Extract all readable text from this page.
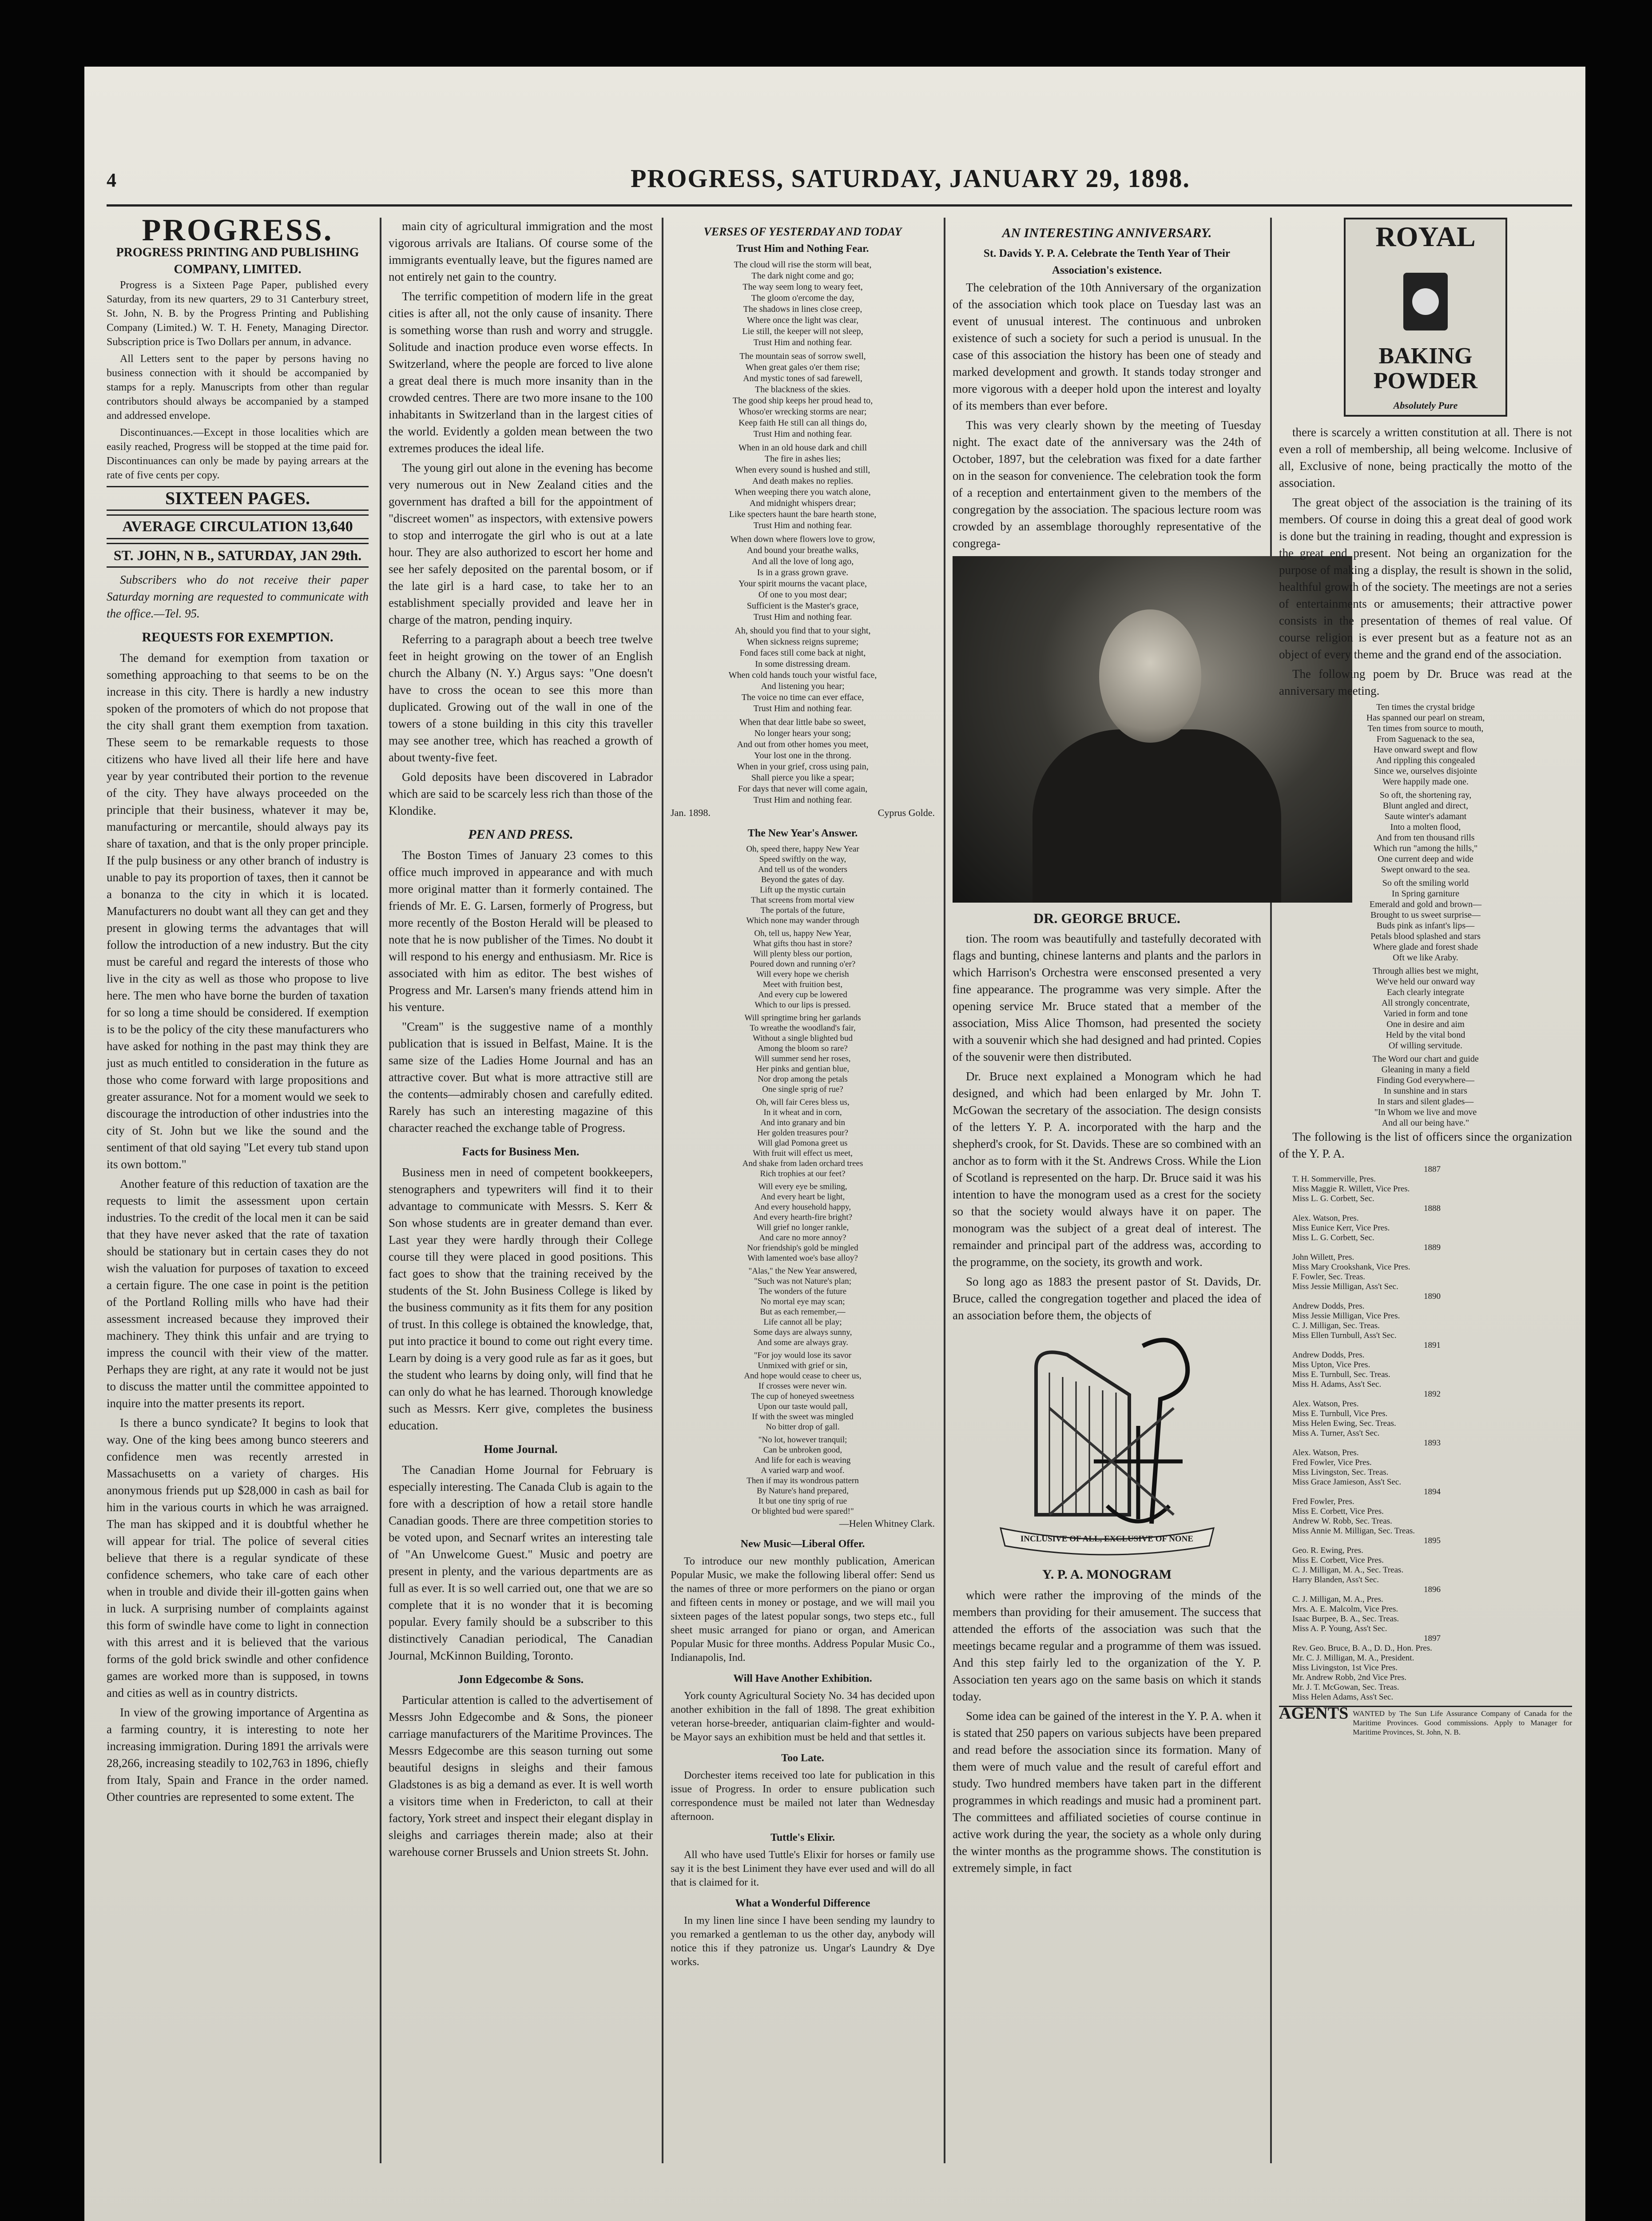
4	PROGRESS, SATURDAY, JANUARY 29, 1898.
PROGRESS.
PROGRESS PRINTING AND PUBLISHING COMPANY, LIMITED.

Progress is a Sixteen Page Paper, published every Saturday, from its new quarters, 29 to 31 Canterbury street, St. John, N. B. by the Progress Printing and Publishing Company (Limited.) W. T. H. Fenety, Managing Director. Subscription price is Two Dollars per annum, in advance.

All Letters sent to the paper by persons having no business connection with it should be accompanied by stamps for a reply. Manuscripts from other than regular contributors should always be accompanied by a stamped and addressed envelope.

Discontinuances.—Except in those localities which are easily reached, Progress will be stopped at the time paid for. Discontinuances can only be made by paying arrears at the rate of five cents per copy.

SIXTEEN PAGES.
AVERAGE CIRCULATION 13,640
ST. JOHN, N B., SATURDAY, JAN 29th.

Subscribers who do not receive their paper Saturday morning are requested to communicate with the office.—Tel. 95.

REQUESTS FOR EXEMPTION.

The demand for exemption from taxation or something approaching to that seems to be on the increase in this city. There is hardly a new industry spoken of the promoters of which do not propose that the city shall grant them exemption from taxation. These seem to be remarkable requests to those citizens who have lived all their life here and have year by year contributed their portion to the revenue of the city. They have always proceeded on the principle that their business, whatever it may be, manufacturing or mercantile, should always pay its share of taxation, and that is the only proper principle. If the pulp business or any other branch of industry is unable to pay its proportion of taxes, then it cannot be a bonanza to the city in which it is located. Manufacturers no doubt want all they can get and they present in glowing terms the advantages that will follow the introduction of a new industry. But the city must be careful and regard the interests of those who live in the city as well as those who propose to live here. The men who have borne the burden of taxation for so long a time should be considered. If exemption is to be the policy of the city these manufacturers who have asked for nothing in the past may think they are just as much entitled to consideration in the future as those who come forward with large propositions and greater assurance. Not for a moment would we seek to discourage the introduction of other industries into the city of St. John but we like the sound and the sentiment of that old saying "Let every tub stand upon its own bottom."

Another feature of this reduction of taxation are the requests to limit the assessment upon certain industries. To the credit of the local men it can be said that they have never asked that the rate of taxation should be stationary but in certain cases they do not wish the valuation for purposes of taxation to exceed a certain figure. The one case in point is the petition of the Portland Rolling mills who have had their assessment increased because they improved their machinery. They think this unfair and are trying to impress the council with their view of the matter. Perhaps they are right, at any rate it would not be just to discuss the matter until the committee appointed to inquire into the matter presents its report.

Is there a bunco syndicate? It begins to look that way. One of the king bees among bunco steerers and confidence men was recently arrested in Massachusetts on a variety of charges. His anonymous friends put up $28,000 in cash as bail for him in the various courts in which he was arraigned. The man has skipped and it is doubtful whether he will appear for trial. The police of several cities believe that there is a regular syndicate of these confidence schemers, who take care of each other when in trouble and divide their ill-gotten gains when in luck. A surprising number of complaints against this form of swindle have come to light in connection with this arrest and it is believed that the various forms of the gold brick swindle and other confidence games are worked more than is supposed, in towns and cities as well as in country districts.

In view of the growing importance of Argentina as a farming country, it is interesting to note her increasing immigration. During 1891 the arrivals were 28,266, increasing steadily to 102,763 in 1896, chiefly from Italy, Spain and France in the order named. Other countries are represented to some extent. The

main city of agricultural immigration and the most vigorous arrivals are Italians. Of course some of the immigrants eventually leave, but the figures named are not entirely net gain to the country.

The terrific competition of modern life in the great cities is after all, not the only cause of insanity. There is something worse than rush and worry and struggle. Solitude and inaction produce even worse effects. In Switzerland, where the people are forced to live alone a great deal there is much more insanity than in the crowded centres. There are two more insane to the 100 inhabitants in Switzerland than in the largest cities of the world. Evidently a golden mean between the two extremes produces the ideal life.

The young girl out alone in the evening has become very numerous out in New Zealand cities and the government has drafted a bill for the appointment of "discreet women" as inspectors, with extensive powers to stop and interrogate the girl who is out at a late hour. They are also authorized to escort her home and see her safely deposited on the parental bosom, or if the late girl is a hard case, to take her to an establishment specially provided and leave her in charge of the matron, pending inquiry.

Referring to a paragraph about a beech tree twelve feet in height growing on the tower of an English church the Albany (N. Y.) Argus says: "One doesn't have to cross the ocean to see this more than duplicated. Growing out of the wall in one of the towers of a stone building in this city this traveller may see another tree, which has reached a growth of about twenty-five feet.

Gold deposits have been discovered in Labrador which are said to be scarcely less rich than those of the Klondike.

PEN AND PRESS.

The Boston Times of January 23 comes to this office much improved in appearance and with much more original matter than it formerly contained. The friends of Mr. E. G. Larsen, formerly of Progress, but more recently of the Boston Herald will be pleased to note that he is now publisher of the Times. No doubt it will respond to his energy and enthusiasm. Mr. Rice is associated with him as editor. The best wishes of Progress and Mr. Larsen's many friends attend him in his venture.

"Cream" is the suggestive name of a monthly publication that is issued in Belfast, Maine. It is the same size of the Ladies Home Journal and has an attractive cover. But what is more attractive still are the contents—admirably chosen and carefully edited. Rarely has such an interesting magazine of this character reached the exchange table of Progress.

Facts for Business Men.

Business men in need of competent bookkeepers, stenographers and typewriters will find it to their advantage to communicate with Messrs. S. Kerr & Son whose students are in greater demand than ever. Last year they were hardly through their College course till they were placed in good positions. This fact goes to show that the training received by the students of the St. John Business College is liked by the business community as it fits them for any position of trust. In this college is obtained the knowledge, that, put into practice it bound to come out right every time. Learn by doing is a very good rule as far as it goes, but the student who learns by doing only, will find that he can only do what he has learned. Thorough knowledge such as Messrs. Kerr give, completes the business education.

Home Journal.

The Canadian Home Journal for February is especially interesting. The Canada Club is again to the fore with a description of how a retail store handle Canadian goods. There are three competition stories to be voted upon, and Secnarf writes an interesting tale of "An Unwelcome Guest." Music and poetry are present in plenty, and the various departments are as full as ever. It is so well carried out, one that we are so complete that it is no wonder that it is becoming popular. Every family should be a subscriber to this distinctively Canadian periodical, The Canadian Journal, McKinnon Building, Toronto.

Jonn Edgecombe & Sons.

Particular attention is called to the advertisement of Messrs John Edgecombe and & Sons, the pioneer carriage manufacturers of the Maritime Provinces. The Messrs Edgecombe are this season turning out some beautiful designs in sleighs and their famous Gladstones is as big a demand as ever. It is well worth a visitors time when in Fredericton, to call at their factory, York street and inspect their elegant display in sleighs and carriages therein made; also at their warehouse corner Brussels and Union streets St. John.

VERSES OF YESTERDAY AND TODAY
Trust Him and Nothing Fear.
The cloud will rise the storm will beat,
The dark night come and go;
The way seem long to weary feet,
The gloom o'ercome the day,
The shadows in lines close creep,
Where once the light was clear,
Lie still, the keeper will not sleep,
Trust Him and nothing fear.

The mountain seas of sorrow swell,
When great gales o'er them rise;
And mystic tones of sad farewell,
The blackness of the skies.
The good ship keeps her proud head to,
Whoso'er wrecking storms are near;
Keep faith He still can all things do,
Trust Him and nothing fear.

When in an old house dark and chill
The fire in ashes lies;
When every sound is hushed and still,
And death makes no replies.
When weeping there you watch alone,
And midnight whispers drear;
Like specters haunt the bare hearth stone,
Trust Him and nothing fear.

When down where flowers love to grow,
And bound your breathe walks,
And all the love of long ago,
Is in a grass grown grave.
Your spirit mourns the vacant place,
Of one to you most dear;
Sufficient is the Master's grace,
Trust Him and nothing fear.

Ah, should you find that to your sight,
When sickness reigns supreme;
Fond faces still come back at night,
In some distressing dream.
When cold hands touch your wistful face,
And listening you hear;
The voice no time can ever efface,
Trust Him and nothing fear.

When that dear little babe so sweet,
No longer hears your song;
And out from other homes you meet,
Your lost one in the throng.
When in your grief, cross using pain,
Shall pierce you like a spear;
For days that never will come again,
Trust Him and nothing fear.
Jan. 1898.	Cyprus Golde.
The New Year's Answer.
Oh, speed there, happy New Year
Speed swiftly on the way,
And tell us of the wonders
Beyond the gates of day.
Lift up the mystic curtain
That screens from mortal view
The portals of the future,
Which none may wander through

Oh, tell us, happy New Year,
What gifts thou hast in store?
Will plenty bless our portion,
Poured down and running o'er?
Will every hope we cherish
Meet with fruition best,
And every cup be lowered
Which to our lips is pressed.

Will springtime bring her garlands
To wreathe the woodland's fair,
Without a single blighted bud
Among the bloom so rare?
Will summer send her roses,
Her pinks and gentian blue,
Nor drop among the petals
One single sprig of rue?

Oh, will fair Ceres bless us,
In it wheat and in corn,
And into granary and bin
Her golden treasures pour?
Will glad Pomona greet us
With fruit will effect us meet,
And shake from laden orchard trees
Rich trophies at our feet?

Will every eye be smiling,
And every heart be light,
And every household happy,
And every hearth-fire bright?
Will grief no longer rankle,
And care no more annoy?
Nor friendship's gold be mingled
With lamented woe's base alloy?

"Alas," the New Year answered,
"Such was not Nature's plan;
The wonders of the future
No mortal eye may scan;
But as each remember,—
Life cannot all be play;
Some days are always sunny,
And some are always gray.

"For joy would lose its savor
Unmixed with grief or sin,
And hope would cease to cheer us,
If crosses were never win.
The cup of honeyed sweetness
Upon our taste would pall,
If with the sweet was mingled
No bitter drop of gall.

"No lot, however tranquil;
Can be unbroken good,
And life for each is weaving
A varied warp and woof.
Then if may its wondrous pattern
By Nature's hand prepared,
It but one tiny sprig of rue
Or blighted bud were spared!"
—Helen Whitney Clark.
New Music—Liberal Offer.

To introduce our new monthly publication, American Popular Music, we make the following liberal offer: Send us the names of three or more performers on the piano or organ and fifteen cents in money or postage, and we will mail you sixteen pages of the latest popular songs, two steps etc., full sheet music arranged for piano or organ, and American Popular Music for three months. Address Popular Music Co., Indianapolis, Ind.

Will Have Another Exhibition.

York county Agricultural Society No. 34 has decided upon another exhibition in the fall of 1898. The great exhibition veteran horse-breeder, antiquarian claim-fighter and would-be Mayor says an exhibition must be held and that settles it.

Too Late.

Dorchester items received too late for publication in this issue of Progress. In order to ensure publication such correspondence must be mailed not later than Wednesday afternoon.

Tuttle's Elixir.

All who have used Tuttle's Elixir for horses or family use say it is the best Liniment they have ever used and will do all that is claimed for it.

What a Wonderful Difference

In my linen line since I have been sending my laundry to you remarked a gentleman to us the other day, anybody will notice this if they patronize us. Ungar's Laundry & Dye works.

AN INTERESTING ANNIVERSARY.
St. Davids Y. P. A. Celebrate the Tenth Year of Their Association's existence.

The celebration of the 10th Anniversary of the organization of the association which took place on Tuesday last was an event of unusual interest. The continuous and unbroken existence of such a society for such a period is unusual. In the case of this association the history has been one of steady and marked development and growth. It stands today stronger and more vigorous with a deeper hold upon the interest and loyalty of its members than ever before.

This was very clearly shown by the meeting of Tuesday night. The exact date of the anniversary was the 24th of October, 1897, but the celebration was fixed for a date farther on in the season for convenience. The celebration took the form of a reception and entertainment given to the members of the congregation by the association. The spacious lecture room was crowded by an assemblage thoroughly representative of the congrega-

DR. GEORGE BRUCE.

tion. The room was beautifully and tastefully decorated with flags and bunting, chinese lanterns and plants and the parlors in which Harrison's Orchestra were ensconsed presented a very fine appearance. The programme was very simple. After the opening service Mr. Bruce stated that a member of the association, Miss Alice Thomson, had presented the society with a souvenir which she had designed and had printed. Copies of the souvenir were then distributed.

Dr. Bruce next explained a Monogram which he had designed, and which had been enlarged by Mr. John T. McGowan the secretary of the association. The design consists of the letters Y. P. A. incorporated with the harp and the shepherd's crook, for St. Davids. These are so combined with an anchor as to form with it the St. Andrews Cross. While the Lion of Scotland is represented on the harp. Dr. Bruce said it was his intention to have the monogram used as a crest for the society so that the society would always have it on paper. The monogram was the subject of a great deal of interest. The remainder and principal part of the address was, according to the programme, on the society, its growth and work.

So long ago as 1883 the present pastor of St. Davids, Dr. Bruce, called the congregation together and placed the idea of an association before them, the objects of

INCLUSIVE OF ALL, EXCLUSIVE OF NONE
Y. P. A. MONOGRAM

which were rather the improving of the minds of the members than providing for their amusement. The success that attended the efforts of the association was such that the meetings became regular and a programme of them was issued. And this step fairly led to the organization of the Y. P. Association ten years ago on the same basis on which it stands today.

Some idea can be gained of the interest in the Y. P. A. when it is stated that 250 papers on various subjects have been prepared and read before the association since its formation. Many of them were of much value and the result of careful effort and study. Two hundred members have taken part in the different programmes in which readings and music had a prominent part. The committees and affiliated societies of course continue in active work during the year, the society as a whole only during the winter months as the programme shows. The constitution is extremely simple, in fact

ROYAL
BAKING POWDER
Absolutely Pure

there is scarcely a written constitution at all. There is not even a roll of membership, all being welcome. Inclusive of all, Exclusive of none, being practically the motto of the association.

The great object of the association is the training of its members. Of course in doing this a great deal of good work is done but the training in reading, thought and expression is the great end present. Not being an organization for the purpose of making a display, the result is shown in the solid, healthful growth of the society. The meetings are not a series of entertainments or amusements; their attractive power consists in the presentation of themes of real value. Of course religion is ever present but as a feature not as an object of every theme and the grand end of the association.

The following poem by Dr. Bruce was read at the anniversary meeting.

Ten times the crystal bridge
Has spanned our pearl on stream,
Ten times from source to mouth,
From Saguenack to the sea,
Have onward swept and flow
And rippling this congealed
Since we, ourselves disjointe
Were happily made one.

So oft, the shortening ray,
Blunt angled and direct,
Saute winter's adamant
Into a molten flood,
And from ten thousand rills
Which run "among the hills,"
One current deep and wide
Swept onward to the sea.

So oft the smiling world
In Spring garniture
Emerald and gold and brown—
Brought to us sweet surprise—
Buds pink as infant's lips—
Petals blood splashed and stars
Where glade and forest shade
Oft we like Araby.

Through allies best we might,
We've held our onward way
Each clearly integrate
All strongly concentrate,
Varied in form and tone
One in desire and aim
Held by the vital bond
Of willing servitude.

The Word our chart and guide
Gleaning in many a field
Finding God everywhere—
In sunshine and in stars
In stars and silent glades—
"In Whom we live and move
And all our being have."

The following is the list of officers since the organization of the Y. P. A.

1887
T. H. Sommerville, Pres.
Miss Maggie R. Willett, Vice Pres.
Miss L. G. Corbett, Sec.
1888
Alex. Watson, Pres.
Miss Eunice Kerr, Vice Pres.
Miss L. G. Corbett, Sec.
1889
John Willett, Pres.
Miss Mary Crookshank, Vice Pres.
F. Fowler, Sec. Treas.
Miss Jessie Milligan, Ass't Sec.
1890
Andrew Dodds, Pres.
Miss Jessie Milligan, Vice Pres.
C. J. Milligan, Sec. Treas.
Miss Ellen Turnbull, Ass't Sec.
1891
Andrew Dodds, Pres.
Miss Upton, Vice Pres.
Miss E. Turnbull, Sec. Treas.
Miss H. Adams, Ass't Sec.
1892
Alex. Watson, Pres.
Miss E. Turnbull, Vice Pres.
Miss Helen Ewing, Sec. Treas.
Miss A. Turner, Ass't Sec.
1893
Alex. Watson, Pres.
Fred Fowler, Vice Pres.
Miss Livingston, Sec. Treas.
Miss Grace Jamieson, Ass't Sec.
1894
Fred Fowler, Pres.
Miss E. Corbett, Vice Pres.
Andrew W. Robb, Sec. Treas.
Miss Annie M. Milligan, Sec. Treas.
1895
Geo. R. Ewing, Pres.
Miss E. Corbett, Vice Pres.
C. J. Milligan, M. A., Sec. Treas.
Harry Blanden, Ass't Sec.
1896
C. J. Milligan, M. A., Pres.
Mrs. A. E. Malcolm, Vice Pres.
Isaac Burpee, B. A., Sec. Treas.
Miss A. P. Young, Ass't Sec.
1897
Rev. Geo. Bruce, B. A., D. D., Hon. Pres.
Mr. C. J. Milligan, M. A., President.
Miss Livingston, 1st Vice Pres.
Mr. Andrew Robb, 2nd Vice Pres.
Mr. J. T. McGowan, Sec. Treas.
Miss Helen Adams, Ass't Sec.
AGENTS WANTED by The Sun Life Assurance Company of Canada for the Maritime Provinces. Good commissions. Apply to Manager for Maritime Provinces, St. John, N. B.
